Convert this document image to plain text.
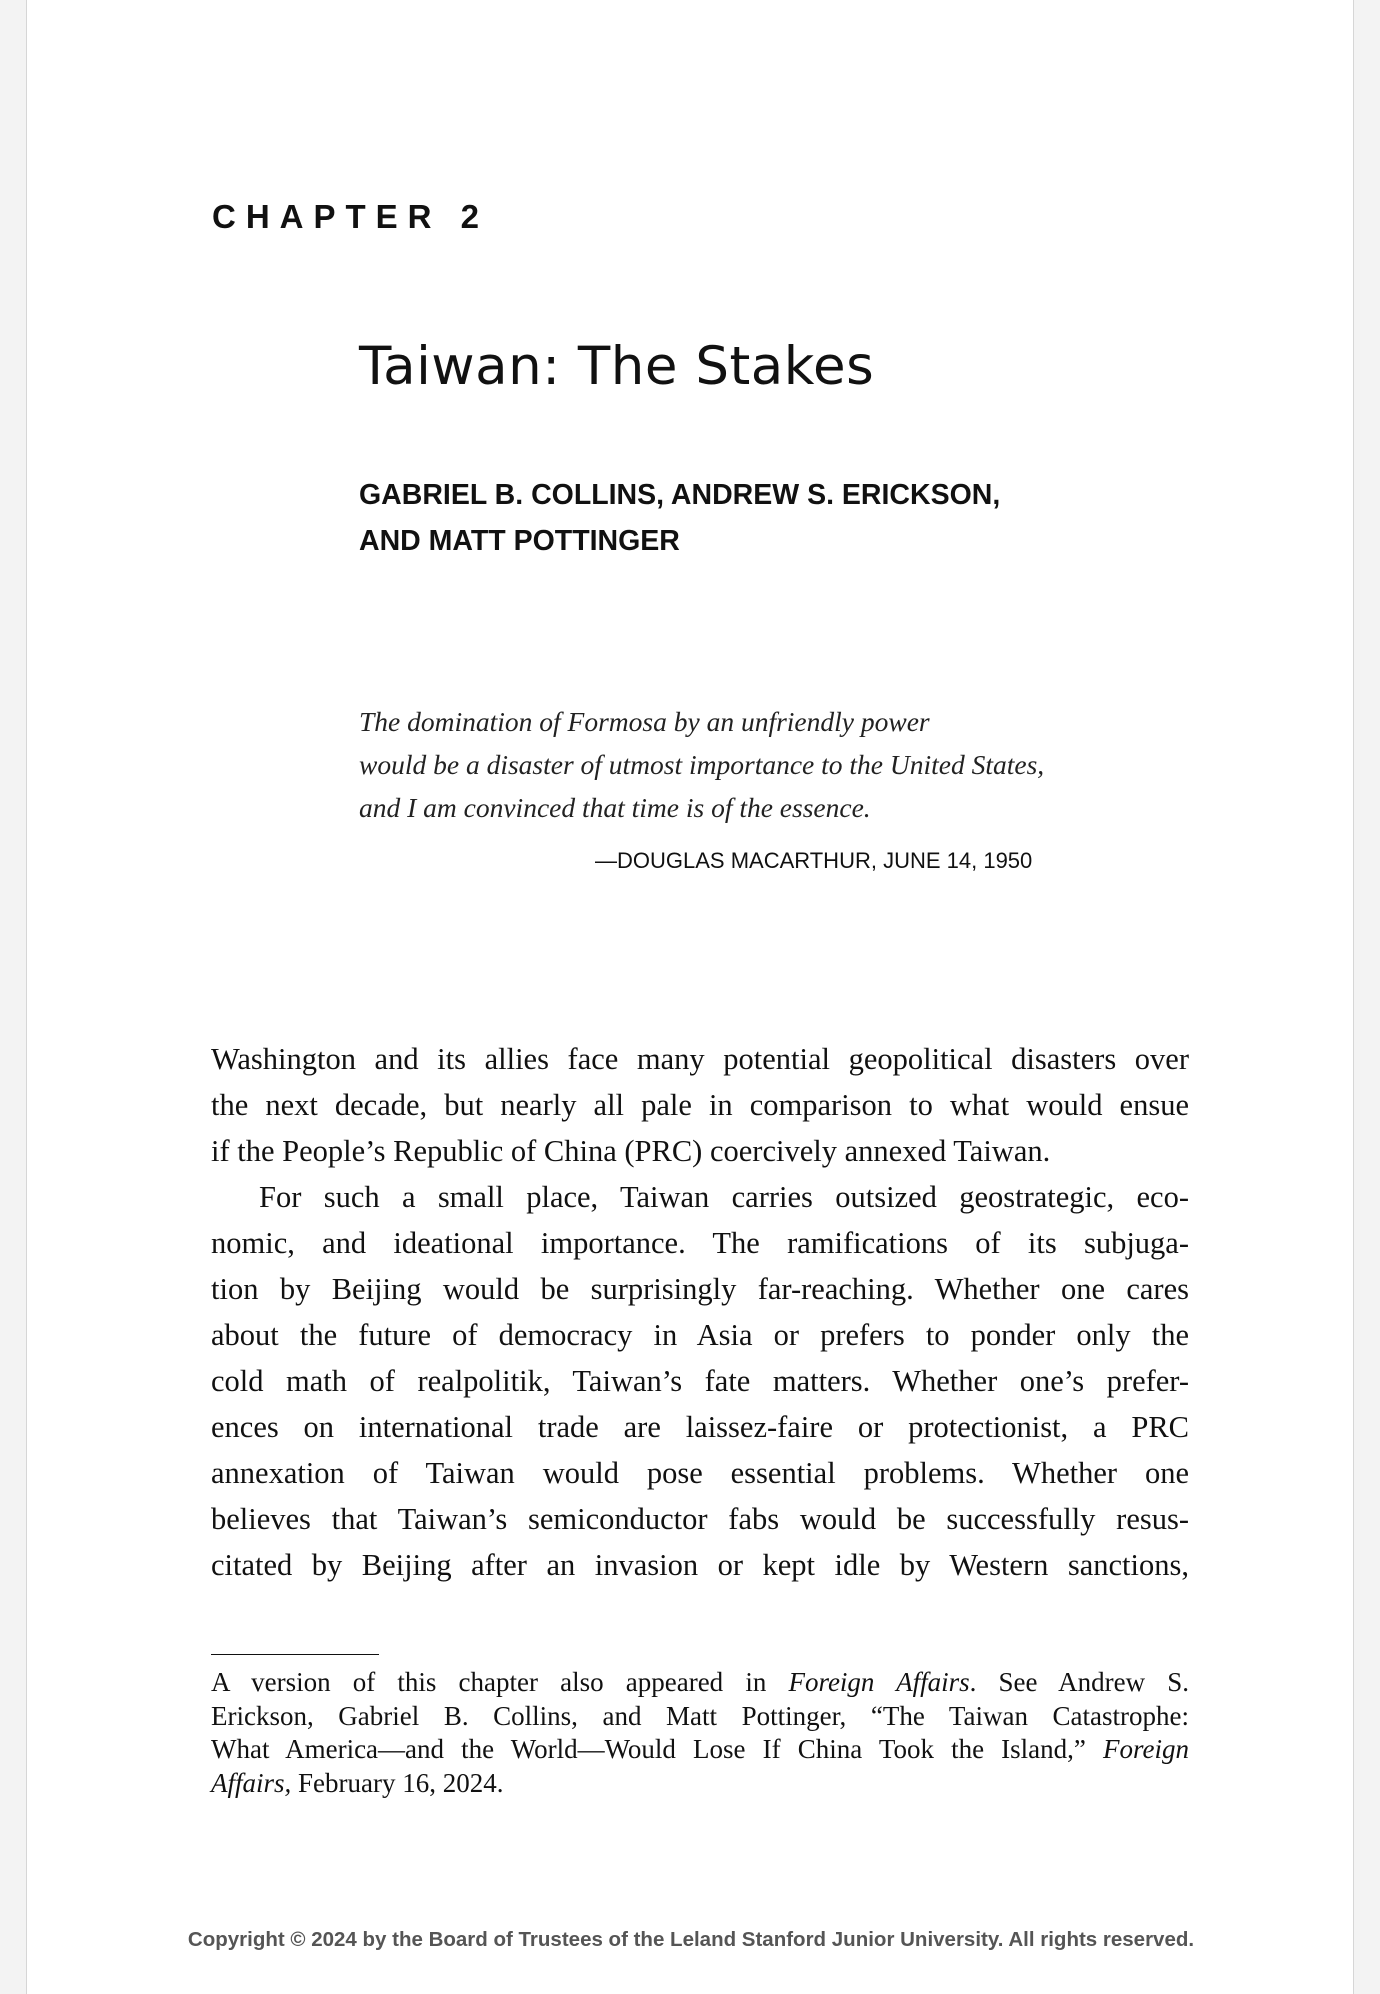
CHAPTER 2
Taiwan: The Stakes
GABRIEL B. COLLINS, ANDREW S. ERICKSON,
AND MATT POTTINGER
The domination of Formosa by an unfriendly power
would be a disaster of utmost importance to the United States,
and I am convinced that time is of the essence.
—DOUGLAS MACARTHUR, JUNE 14, 1950
Washington and its allies face many potential geopolitical disasters over
the next decade, but nearly all pale in comparison to what would ensue
if the People’s Republic of China (PRC) coercively annexed Taiwan.
For such a small place, Taiwan carries outsized geostrategic, eco-
nomic, and ideational importance. The ramifications of its subjuga-
tion by Beijing would be surprisingly far-reaching. Whether one cares
about the future of democracy in Asia or prefers to ponder only the
cold math of realpolitik, Taiwan’s fate matters. Whether one’s prefer-
ences on international trade are laissez-faire or protectionist, a PRC
annexation of Taiwan would pose essential problems. Whether one
believes that Taiwan’s semiconductor fabs would be successfully resus-
citated by Beijing after an invasion or kept idle by Western sanctions,
A version of this chapter also appeared in Foreign Affairs. See Andrew S.
Erickson, Gabriel B. Collins, and Matt Pottinger, “The Taiwan Catastrophe:
What America—and the World—Would Lose If China Took the Island,” Foreign
Affairs, February 16, 2024.
Copyright © 2024 by the Board of Trustees of the Leland Stanford Junior University. All rights reserved.
